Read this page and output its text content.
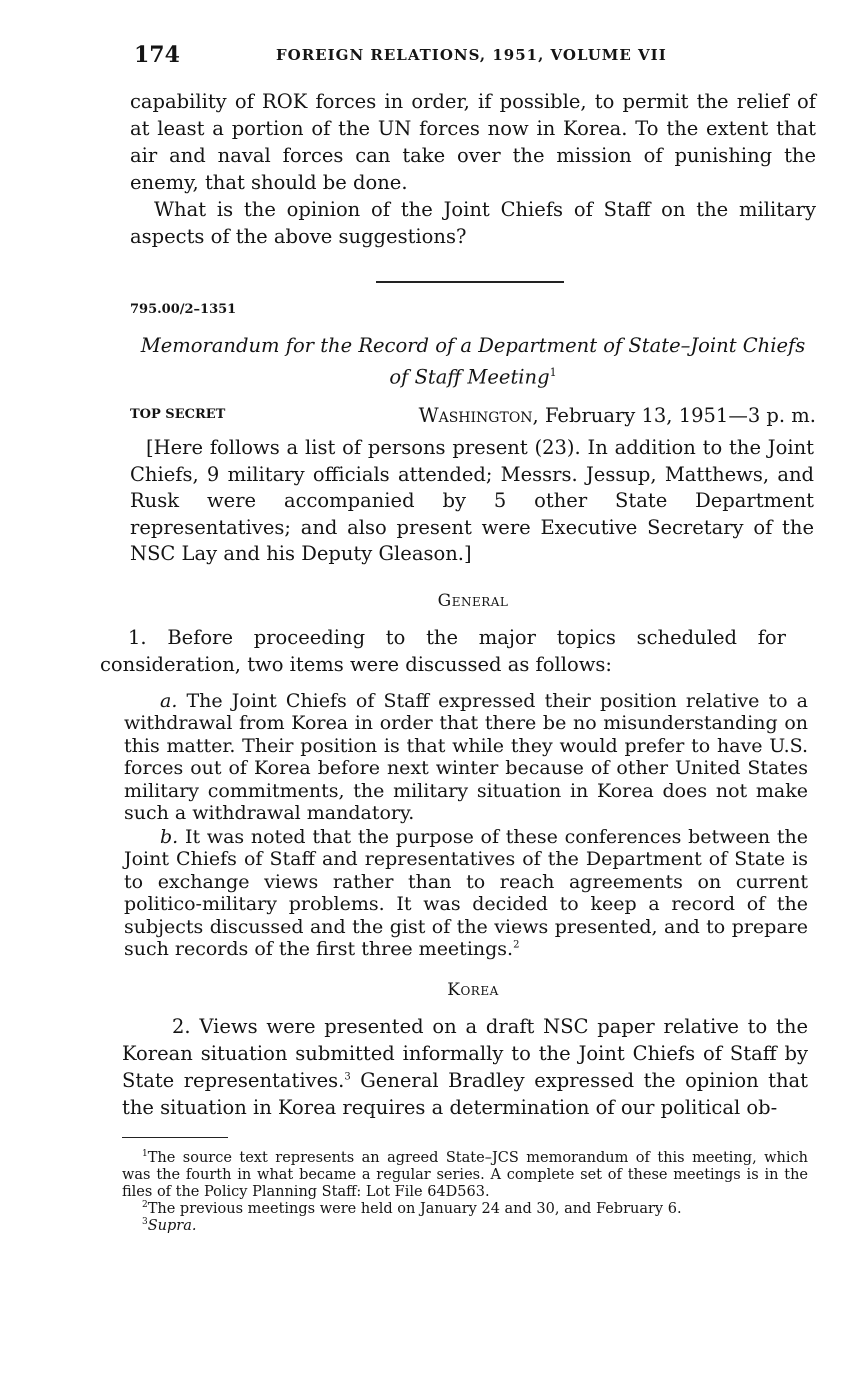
174	FOREIGN RELATIONS, 1951, VOLUME VII
capability of ROK forces in order, if possible, to permit the relief of at least a portion of the UN forces now in Korea. To the extent that air and naval forces can take over the mission of punishing the enemy, that should be done.
What is the opinion of the Joint Chiefs of Staff on the military aspects of the above suggestions?
795.00/2–1351
Memorandum for the Record of a Department of State–Joint Chiefs of Staff Meeting$^1$
TOP SECRET	Washington, February 13, 1951—3 p. m.
[Here follows a list of persons present (23). In addition to the Joint Chiefs, 9 military officials attended; Messrs. Jessup, Matthews, and Rusk were accompanied by 5 other State Department representatives; and also present were Executive Secretary of the NSC Lay and his Deputy Gleason.]
General
1. Before proceeding to the major topics scheduled for consideration, two items were discussed as follows:
a. The Joint Chiefs of Staff expressed their position relative to a withdrawal from Korea in order that there be no misunderstanding on this matter. Their position is that while they would prefer to have U.S. forces out of Korea before next winter because of other United States military commitments, the military situation in Korea does not make such a withdrawal mandatory.
b. It was noted that the purpose of these conferences between the Joint Chiefs of Staff and representatives of the Department of State is to exchange views rather than to reach agreements on current politico-military problems. It was decided to keep a record of the subjects discussed and the gist of the views presented, and to prepare such records of the first three meetings.$^2$
Korea
2. Views were presented on a draft NSC paper relative to the Korean situation submitted informally to the Joint Chiefs of Staff by State representatives.$^3$ General Bradley expressed the opinion that the situation in Korea requires a determination of our political ob-
$^1$The source text represents an agreed State–JCS memorandum of this meeting, which was the fourth in what became a regular series. A complete set of these meetings is in the files of the Policy Planning Staff: Lot File 64D563.
$^2$The previous meetings were held on January 24 and 30, and February 6.
$^3$Supra.
